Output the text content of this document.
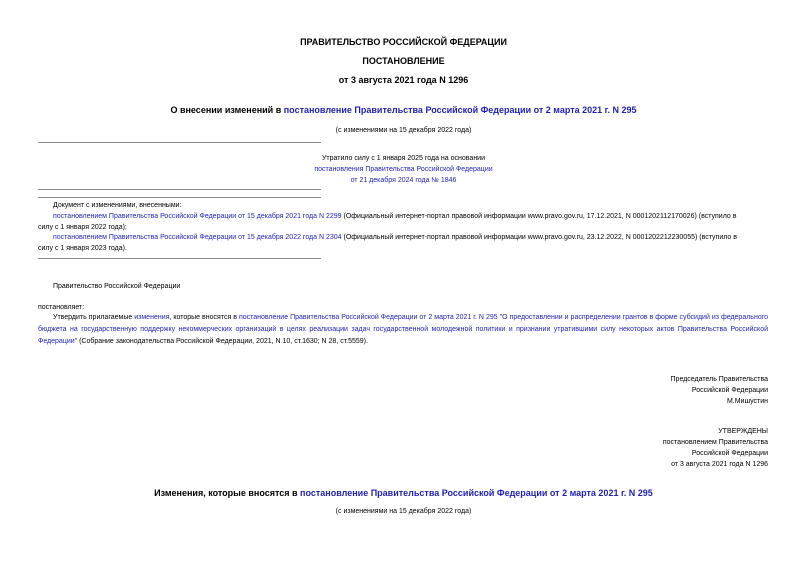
ПРАВИТЕЛЬСТВО РОССИЙСКОЙ ФЕДЕРАЦИИ
ПОСТАНОВЛЕНИЕ
от 3 августа 2021 года N 1296
О внесении изменений в постановление Правительства Российской Федерации от 2 марта 2021 г. N 295
(с изменениями на 15 декабря 2022 года)
Утратило силу с 1 января 2025 года на основании
постановления Правительства Российской Федерации
от 21 декабря 2024 года № 1846
Документ с изменениями, внесенными:
постановлением Правительства Российской Федерации от 15 декабря 2021 года N 2299 (Официальный интернет-портал правовой информации www.pravo.gov.ru, 17.12.2021, N 0001202112170026) (вступило в
силу с 1 января 2022 года);
постановлением Правительства Российской Федерации от 15 декабря 2022 года N 2304 (Официальный интернет-портал правовой информации www.pravo.gov.ru, 23.12.2022, N 0001202212230055) (вступило в
силу с 1 января 2023 года).
Правительство Российской Федерации
постановляет:
Утвердить прилагаемые изменения, которые вносятся в постановление Правительства Российской Федерации от 2 марта 2021 г. N 295 "О предоставлении и распределении грантов в форме субсидий из федерального бюджета на государственную поддержку некоммерческих организаций в целях реализации задач государственной молодежной политики и признании утратившими силу некоторых актов Правительства Российской Федерации" (Собрание законодательства Российской Федерации, 2021, N 10, ст.1630; N 28, ст.5559).
Председатель Правительства
Российской Федерации
М.Мишустин
УТВЕРЖДЕНЫ
постановлением Правительства
Российской Федерации
от 3 августа 2021 года N 1296
Изменения, которые вносятся в постановление Правительства Российской Федерации от 2 марта 2021 г. N 295
(с изменениями на 15 декабря 2022 года)
